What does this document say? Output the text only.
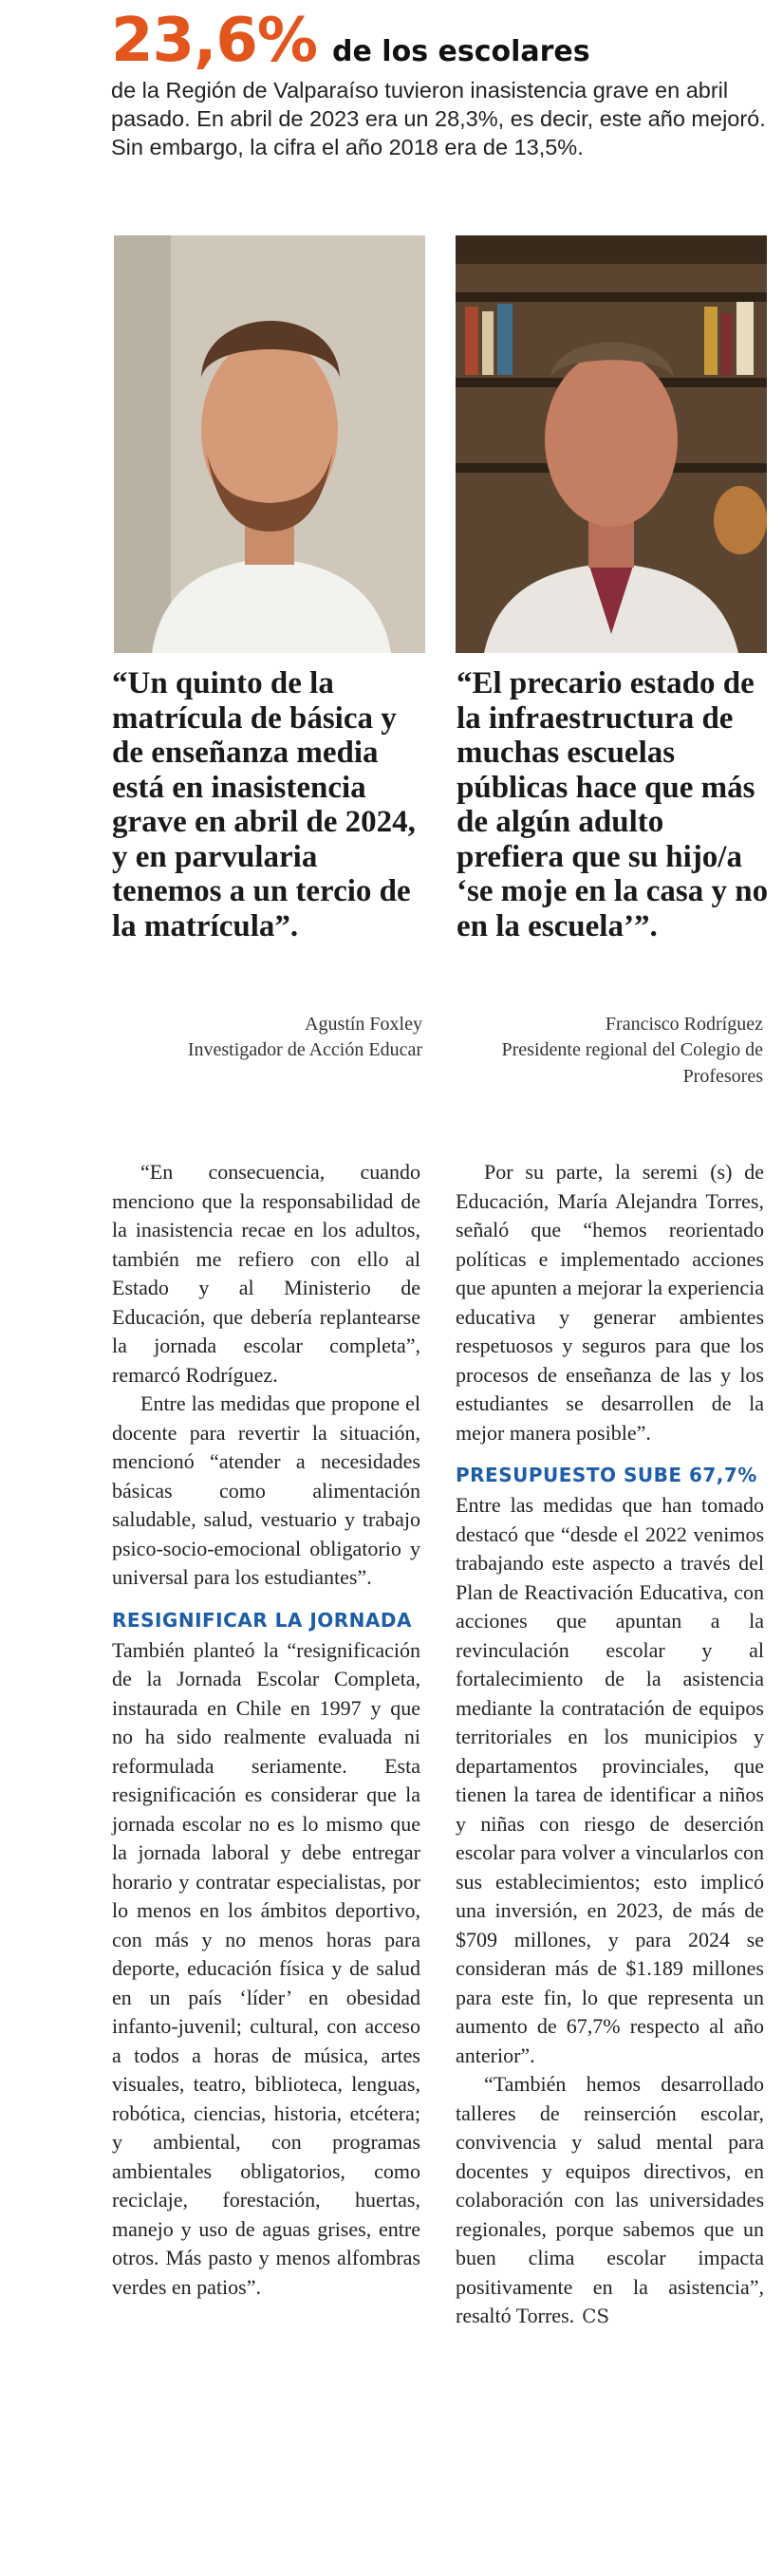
23,6% de los escolares
de la Región de Valparaíso tuvieron inasistencia grave en abril pasado. En abril de 2023 era un 28,3%, es decir, este año mejoró. Sin embargo, la cifra el año 2018 era de 13,5%.
“Un quinto de la matrícula de básica y de enseñanza media está en inasistencia grave en abril de 2024, y en parvularia tenemos a un tercio de la matrícula”.
“El precario estado de la infraestructura de muchas escuelas públicas hace que más de algún adulto prefiera que su hijo/a ‘se moje en la casa y no en la escuela’”.
Agustín Foxley
Investigador de Acción Educar
Francisco Rodríguez
Presidente regional del Colegio de Profesores

“En consecuencia, cuando menciono que la responsabilidad de la inasistencia recae en los adultos, también me refiero con ello al Estado y al Ministerio de Educación, que debería replantearse la jornada escolar completa”, remarcó Rodríguez.

Entre las medidas que propone el docente para revertir la situación, mencionó “atender a necesidades básicas como alimentación saludable, salud, vestuario y trabajo psico-socio-emocional obligatorio y universal para los estudiantes”.

RESIGNIFICAR LA JORNADA

También planteó la “resignificación de la Jornada Escolar Completa, instaurada en Chile en 1997 y que no ha sido realmente evaluada ni reformulada seriamente. Esta resignificación es considerar que la jornada escolar no es lo mismo que la jornada laboral y debe entregar horario y contratar especialistas, por lo menos en los ámbitos deportivo, con más y no menos horas para deporte, educación física y de salud en un país ‘líder’ en obesidad infanto-juvenil; cultural, con acceso a todos a horas de música, artes visuales, teatro, biblioteca, lenguas, robótica, ciencias, historia, etcétera; y ambiental, con programas ambientales obligatorios, como reciclaje, forestación, huertas, manejo y uso de aguas grises, entre otros. Más pasto y menos alfombras verdes en patios”.

Por su parte, la seremi (s) de Educación, María Alejandra Torres, señaló que “hemos reorientado políticas e implementado acciones que apunten a mejorar la experiencia educativa y generar ambientes respetuosos y seguros para que los procesos de enseñanza de las y los estudiantes se desarrollen de la mejor manera posible”.

PRESUPUESTO SUBE 67,7%

Entre las medidas que han tomado destacó que “desde el 2022 venimos trabajando este aspecto a través del Plan de Reactivación Educativa, con acciones que apuntan a la revinculación escolar y al fortalecimiento de la asistencia mediante la contratación de equipos territoriales en los municipios y departamentos provinciales, que tienen la tarea de identificar a niños y niñas con riesgo de deserción escolar para volver a vincularlos con sus establecimientos; esto implicó una inversión, en 2023, de más de $709 millones, y para 2024 se consideran más de $1.189 millones para este fin, lo que representa un aumento de 67,7% respecto al año anterior”.

“También hemos desarrollado talleres de reinserción escolar, convivencia y salud mental para docentes y equipos directivos, en colaboración con las universidades regionales, porque sabemos que un buen clima escolar impacta positivamente en la asistencia”, resaltó Torres. CS
